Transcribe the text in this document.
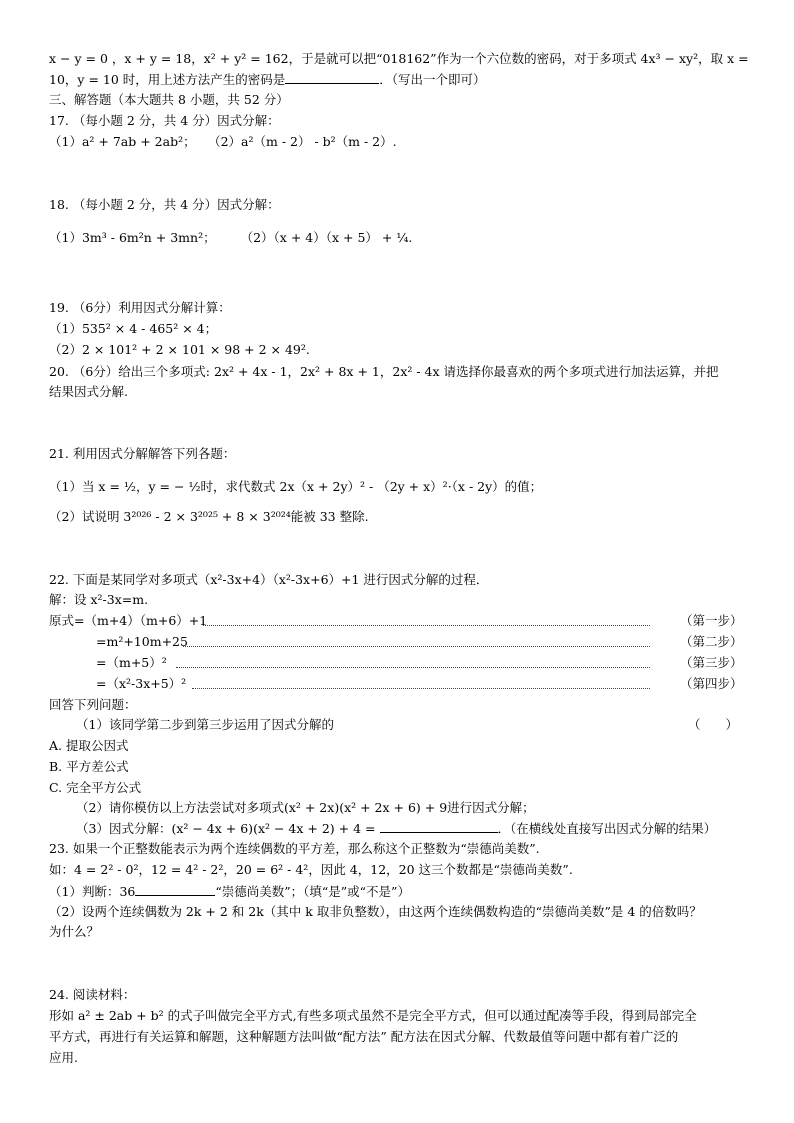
x − y = 0 ，x + y = 18，x² + y² = 162，于是就可以把“018162”作为一个六位数的密码，对于多项式 4x³ − xy²，取 x =
10，y = 10 时，用上述方法产生的密码是	．（写出一个即可）
三、解答题（本大题共 8 小题，共 52 分）
17. （每小题 2 分，共 4 分）因式分解：
（1）a² + 7ab + 2ab²；　　（2）a²（m - 2） - b²（m - 2）.
18. （每小题 2 分，共 4 分）因式分解：
（1）3m³ - 6m²n + 3mn²；　　　（2）（x + 4）（x + 5） + ¼.
19. （6分）利用因式分解计算：
（1）535² × 4 - 465² × 4；
（2）2 × 101² + 2 × 101 × 98 + 2 × 49².
20. （6分）给出三个多项式: 2x² + 4x - 1，2x² + 8x + 1，2x² - 4x 请选择你最喜欢的两个多项式进行加法运算，并把
结果因式分解.
21. 利用因式分解解答下列各题：
（1）当 x = ½，y = − ½时，求代数式 2x（x + 2y）² - （2y + x）²·（x - 2y）的值；
（2）试说明 3²⁰²⁶ - 2 × 3²⁰²⁵ + 8 × 3²⁰²⁴能被 33 整除.
22. 下面是某同学对多项式（x²-3x+4）（x²-3x+6）+1 进行因式分解的过程．
解：设 x²-3x=m.
原式=（m+4）（m+6）+1	（第一步）
=m²+10m+25	（第二步）
=（m+5）²	（第三步）
=（x²-3x+5）²	（第四步）
回答下列问题：
（1）该同学第二步到第三步运用了因式分解的	（　　）
A. 提取公因式
B. 平方差公式
C. 完全平方公式
（2）请你模仿以上方法尝试对多项式(x² + 2x)(x² + 2x + 6) + 9进行因式分解；
（3）因式分解：(x² − 4x + 6)(x² − 4x + 2) + 4 =	．（在横线处直接写出因式分解的结果）
23. 如果一个正整数能表示为两个连续偶数的平方差，那么称这个正整数为“崇德尚美数”.
如：4 = 2² - 0²，12 = 4² - 2²，20 = 6² - 4²，因此 4，12，20 这三个数都是“崇德尚美数”.
（1）判断：36	“崇德尚美数”；（填“是”或“不是”）
（2）设两个连续偶数为 2k + 2 和 2k（其中 k 取非负整数），由这两个连续偶数构造的“崇德尚美数”是 4 的倍数吗？
为什么？
24. 阅读材料：
形如 a² ± 2ab + b² 的式子叫做完全平方式,有些多项式虽然不是完全平方式，但可以通过配凑等手段，得到局部完全
平方式，再进行有关运算和解题，这种解题方法叫做“配方法” 配方法在因式分解、代数最值等问题中都有着广泛的
应用.
